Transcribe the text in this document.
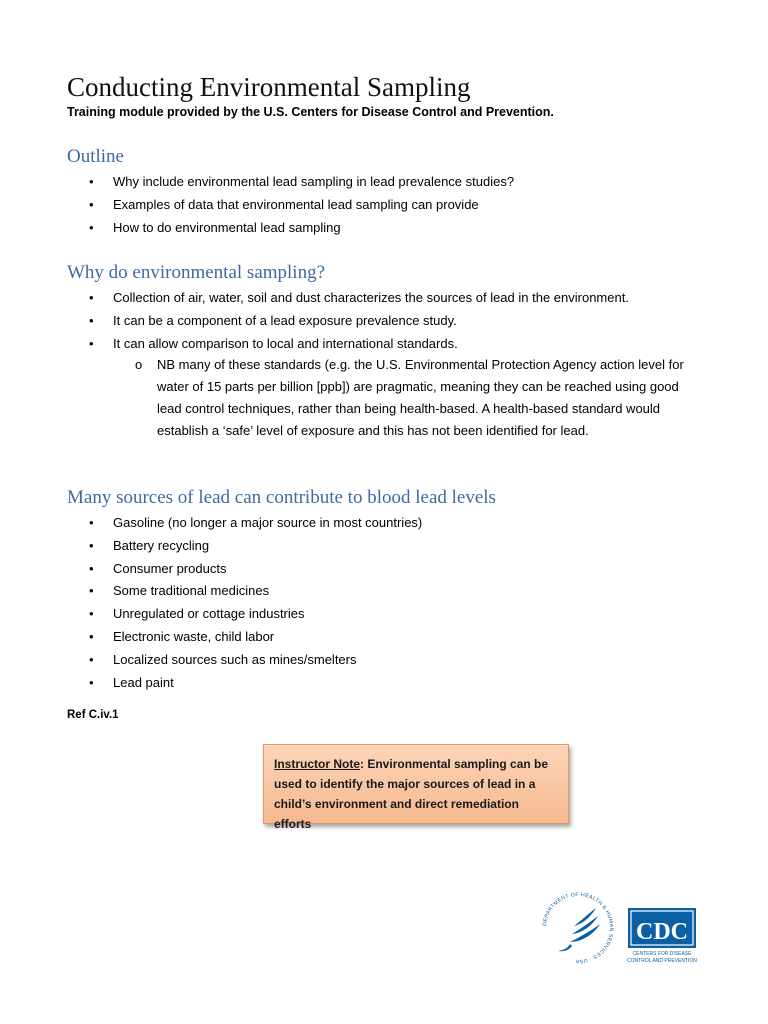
Conducting Environmental Sampling

Training module provided by the U.S. Centers for Disease Control and Prevention.

Outline
• Why include environmental lead sampling in lead prevalence studies?
• Examples of data that environmental lead sampling can provide
• How to do environmental lead sampling
Why do environmental sampling?
• Collection of air, water, soil and dust characterizes the sources of lead in the environment.
• It can be a component of a lead exposure prevalence study.
• It can allow comparison to local and international standards.
o NB many of these standards (e.g. the U.S. Environmental Protection Agency action level for water of 15 parts per billion [ppb]) are pragmatic, meaning they can be reached using good lead control techniques, rather than being health-based. A health-based standard would establish a ‘safe’ level of exposure and this has not been identified for lead.
Many sources of lead can contribute to blood lead levels
• Gasoline (no longer a major source in most countries)
• Battery recycling
• Consumer products
• Some traditional medicines
• Unregulated or cottage industries
• Electronic waste, child labor
• Localized sources such as mines/smelters
• Lead paint

Ref C.iv.1

Instructor Note: Environmental sampling can be used to identify the major sources of lead in a child’s environment and direct remediation efforts
DEPARTMENT OF HEALTH & HUMAN SERVICES · USA
CDC
CENTERS FOR DISEASE
CONTROL AND PREVENTION
